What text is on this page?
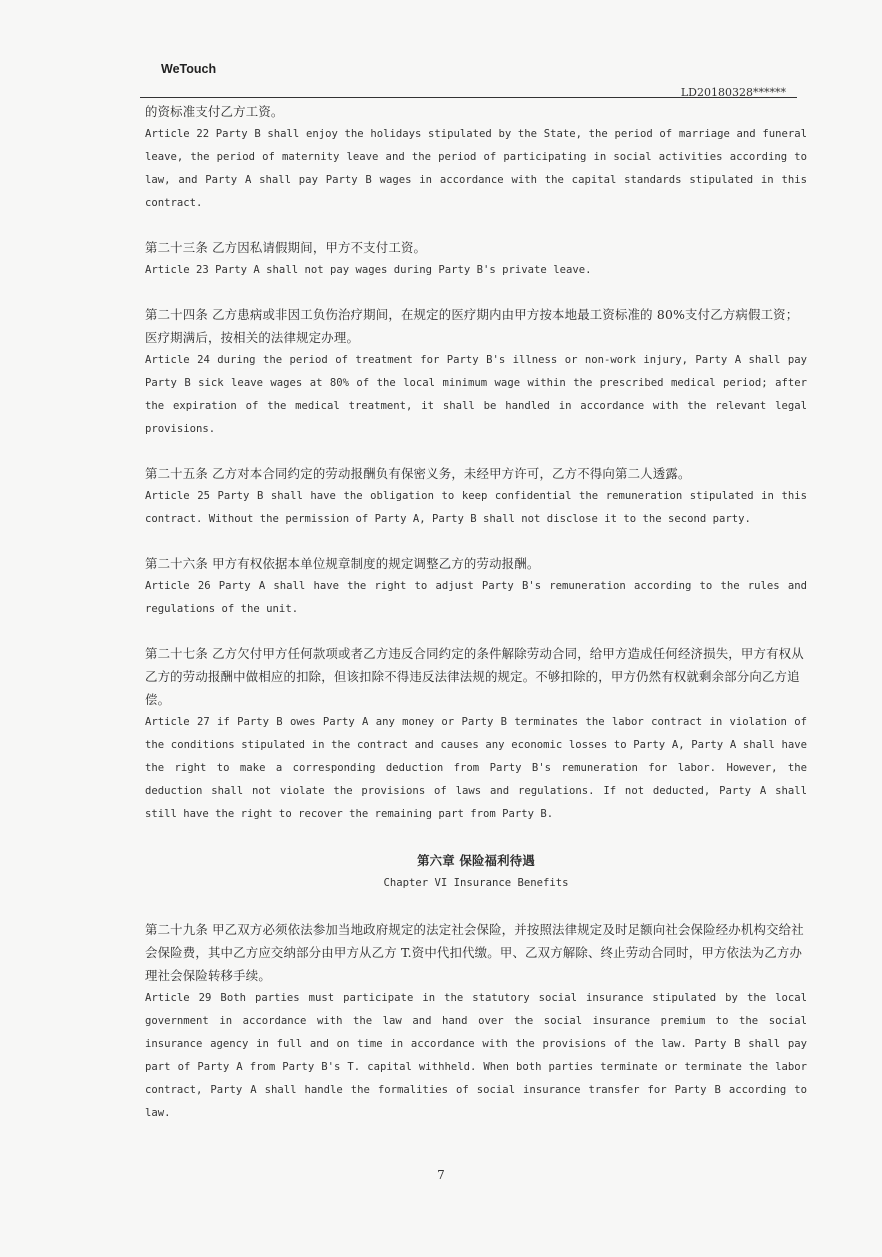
WeTouch
LD20180328******

的资标准支付乙方工资。

Article 22 Party B shall enjoy the holidays stipulated by the State, the period of marriage and funeral leave, the period of maternity leave and the period of participating in social activities according to law, and Party A shall pay Party B wages in accordance with the capital standards stipulated in this contract.

第二十三条 乙方因私请假期间，甲方不支付工资。

Article 23 Party A shall not pay wages during Party B's private leave.

第二十四条 乙方患病或非因工负伤治疗期间，在规定的医疗期内由甲方按本地最工资标准的 80%支付乙方病假工资；医疗期满后，按相关的法律规定办理。

Article 24 during the period of treatment for Party B's illness or non-work injury, Party A shall pay Party B sick leave wages at 80% of the local minimum wage within the prescribed medical period; after the expiration of the medical treatment, it shall be handled in accordance with the relevant legal provisions.

第二十五条 乙方对本合同约定的劳动报酬负有保密义务，未经甲方许可，乙方不得向第二人透露。

Article 25 Party B shall have the obligation to keep confidential the remuneration stipulated in this contract. Without the permission of Party A, Party B shall not disclose it to the second party.

第二十六条 甲方有权依据本单位规章制度的规定调整乙方的劳动报酬。

Article 26 Party A shall have the right to adjust Party B's remuneration according to the rules and regulations of the unit.

第二十七条 乙方欠付甲方任何款项或者乙方违反合同约定的条件解除劳动合同，给甲方造成任何经济损失，甲方有权从乙方的劳动报酬中做相应的扣除，但该扣除不得违反法律法规的规定。不够扣除的，甲方仍然有权就剩余部分向乙方追偿。

Article 27 if Party B owes Party A any money or Party B terminates the labor contract in violation of the conditions stipulated in the contract and causes any economic losses to Party A, Party A shall have the right to make a corresponding deduction from Party B's remuneration for labor. However, the deduction shall not violate the provisions of laws and regulations. If not deducted, Party A shall still have the right to recover the remaining part from Party B.

第六章 保险福利待遇

Chapter VI Insurance Benefits

第二十九条 甲乙双方必须依法参加当地政府规定的法定社会保险，并按照法律规定及时足额向社会保险经办机构交给社会保险费，其中乙方应交纳部分由甲方从乙方 T.资中代扣代缴。甲、乙双方解除、终止劳动合同时，甲方依法为乙方办理社会保险转移手续。

Article 29 Both parties must participate in the statutory social insurance stipulated by the local government in accordance with the law and hand over the social insurance premium to the social insurance agency in full and on time in accordance with the provisions of the law. Party B shall pay part of Party A from Party B's T. capital withheld. When both parties terminate or terminate the labor contract, Party A shall handle the formalities of social insurance transfer for Party B according to law.

7
